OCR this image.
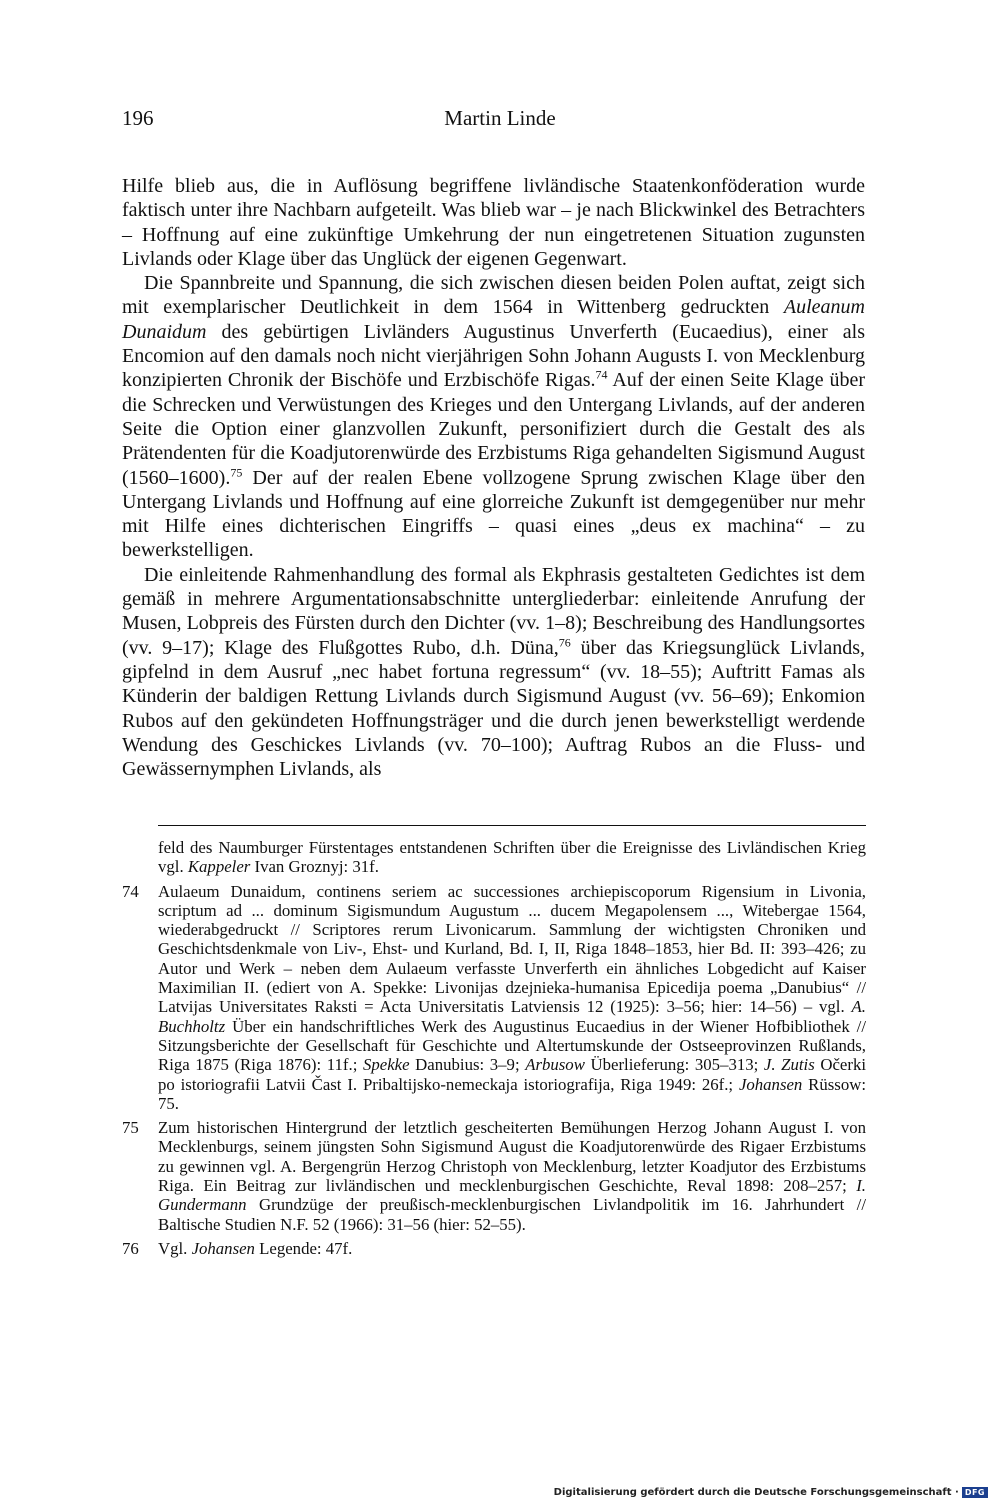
196	Martin Linde

Hilfe blieb aus, die in Auflösung begriffene livländische Staatenkonföderation wurde faktisch unter ihre Nachbarn aufgeteilt. Was blieb war – je nach Blickwinkel des Betrachters – Hoffnung auf eine zukünftige Umkehrung der nun eingetretenen Situation zugunsten Livlands oder Klage über das Unglück der eigenen Gegenwart.

Die Spannbreite und Spannung, die sich zwischen diesen beiden Polen auftat, zeigt sich mit exemplarischer Deutlichkeit in dem 1564 in Wittenberg gedruckten Auleanum Dunaidum des gebürtigen Livländers Augustinus Unverferth (Eucaedius), einer als Encomion auf den damals noch nicht vierjährigen Sohn Johann Augusts I. von Mecklenburg konzipierten Chronik der Bischöfe und Erzbischöfe Rigas.$^{74}$ Auf der einen Seite Klage über die Schrecken und Verwüstungen des Krieges und den Untergang Livlands, auf der anderen Seite die Option einer glanzvollen Zukunft, personifiziert durch die Gestalt des als Prätendenten für die Koadjutorenwürde des Erzbistums Riga gehandelten Sigismund August (1560–1600).$^{75}$ Der auf der realen Ebene vollzogene Sprung zwischen Klage über den Untergang Livlands und Hoffnung auf eine glorreiche Zukunft ist demgegenüber nur mehr mit Hilfe eines dichterischen Eingriffs – quasi eines „deus ex machina“ – zu bewerkstelligen.

Die einleitende Rahmenhandlung des formal als Ekphrasis gestalteten Gedichtes ist dem gemäß in mehrere Argumentationsabschnitte untergliederbar: einleitende Anrufung der Musen, Lobpreis des Fürsten durch den Dichter (vv. 1–8); Beschreibung des Handlungsortes (vv. 9–17); Klage des Flußgottes Rubo, d.h. Düna,$^{76}$ über das Kriegsunglück Livlands, gipfelnd in dem Ausruf „nec habet fortuna regressum“ (vv. 18–55); Auftritt Famas als Künderin der baldigen Rettung Livlands durch Sigismund August (vv. 56–69); Enkomion Rubos auf den gekündeten Hoffnungsträger und die durch jenen bewerkstelligt werdende Wendung des Geschickes Livlands (vv. 70–100); Auftrag Rubos an die Fluss- und Gewässernymphen Livlands, als

feld des Naumburger Fürstentages entstandenen Schriften über die Ereignisse des Livländischen Krieg vgl. Kappeler Ivan Groznyj: 31f.
74	Aulaeum Dunaidum, continens seriem ac successiones archiepiscoporum Rigensium in Livonia, scriptum ad ... dominum Sigismundum Augustum ... ducem Megapolensem ..., Witebergae 1564, wiederabgedruckt // Scriptores rerum Livonicarum. Sammlung der wichtigsten Chroniken und Geschichtsdenkmale von Liv-, Ehst- und Kurland, Bd. I, II, Riga 1848–1853, hier Bd. II: 393–426; zu Autor und Werk – neben dem Aulaeum verfasste Unverferth ein ähnliches Lobgedicht auf Kaiser Maximilian II. (ediert von A. Spekke: Livonijas dzejnieka-humanisa Epicedija poema „Danubius“ // Latvijas Universitates Raksti = Acta Universitatis Latviensis 12 (1925): 3–56; hier: 14–56) – vgl. A. Buchholtz Über ein handschriftliches Werk des Augustinus Eucaedius in der Wiener Hofbibliothek // Sitzungsberichte der Gesellschaft für Geschichte und Altertumskunde der Ostseeprovinzen Rußlands, Riga 1875 (Riga 1876): 11f.; Spekke Danubius: 3–9; Arbusow Überlieferung: 305–313; J. Zutis Očerki po istoriografii Latvii Čast I. Pribaltijsko-nemeckaja istoriografija, Riga 1949: 26f.; Johansen Rüssow: 75.
75	Zum historischen Hintergrund der letztlich gescheiterten Bemühungen Herzog Johann August I. von Mecklenburgs, seinem jüngsten Sohn Sigismund August die Koadjutorenwürde des Rigaer Erzbistums zu gewinnen vgl. A. Bergengrün Herzog Christoph von Mecklenburg, letzter Koadjutor des Erzbistums Riga. Ein Beitrag zur livländischen und mecklenburgischen Geschichte, Reval 1898: 208–257; I. Gundermann Grundzüge der preußisch-mecklenburgischen Livlandpolitik im 16. Jahrhundert // Baltische Studien N.F. 52 (1966): 31–56 (hier: 52–55).
76	Vgl. Johansen Legende: 47f.
Digitalisierung gefördert durch die Deutsche Forschungsgemeinschaft · DFG
